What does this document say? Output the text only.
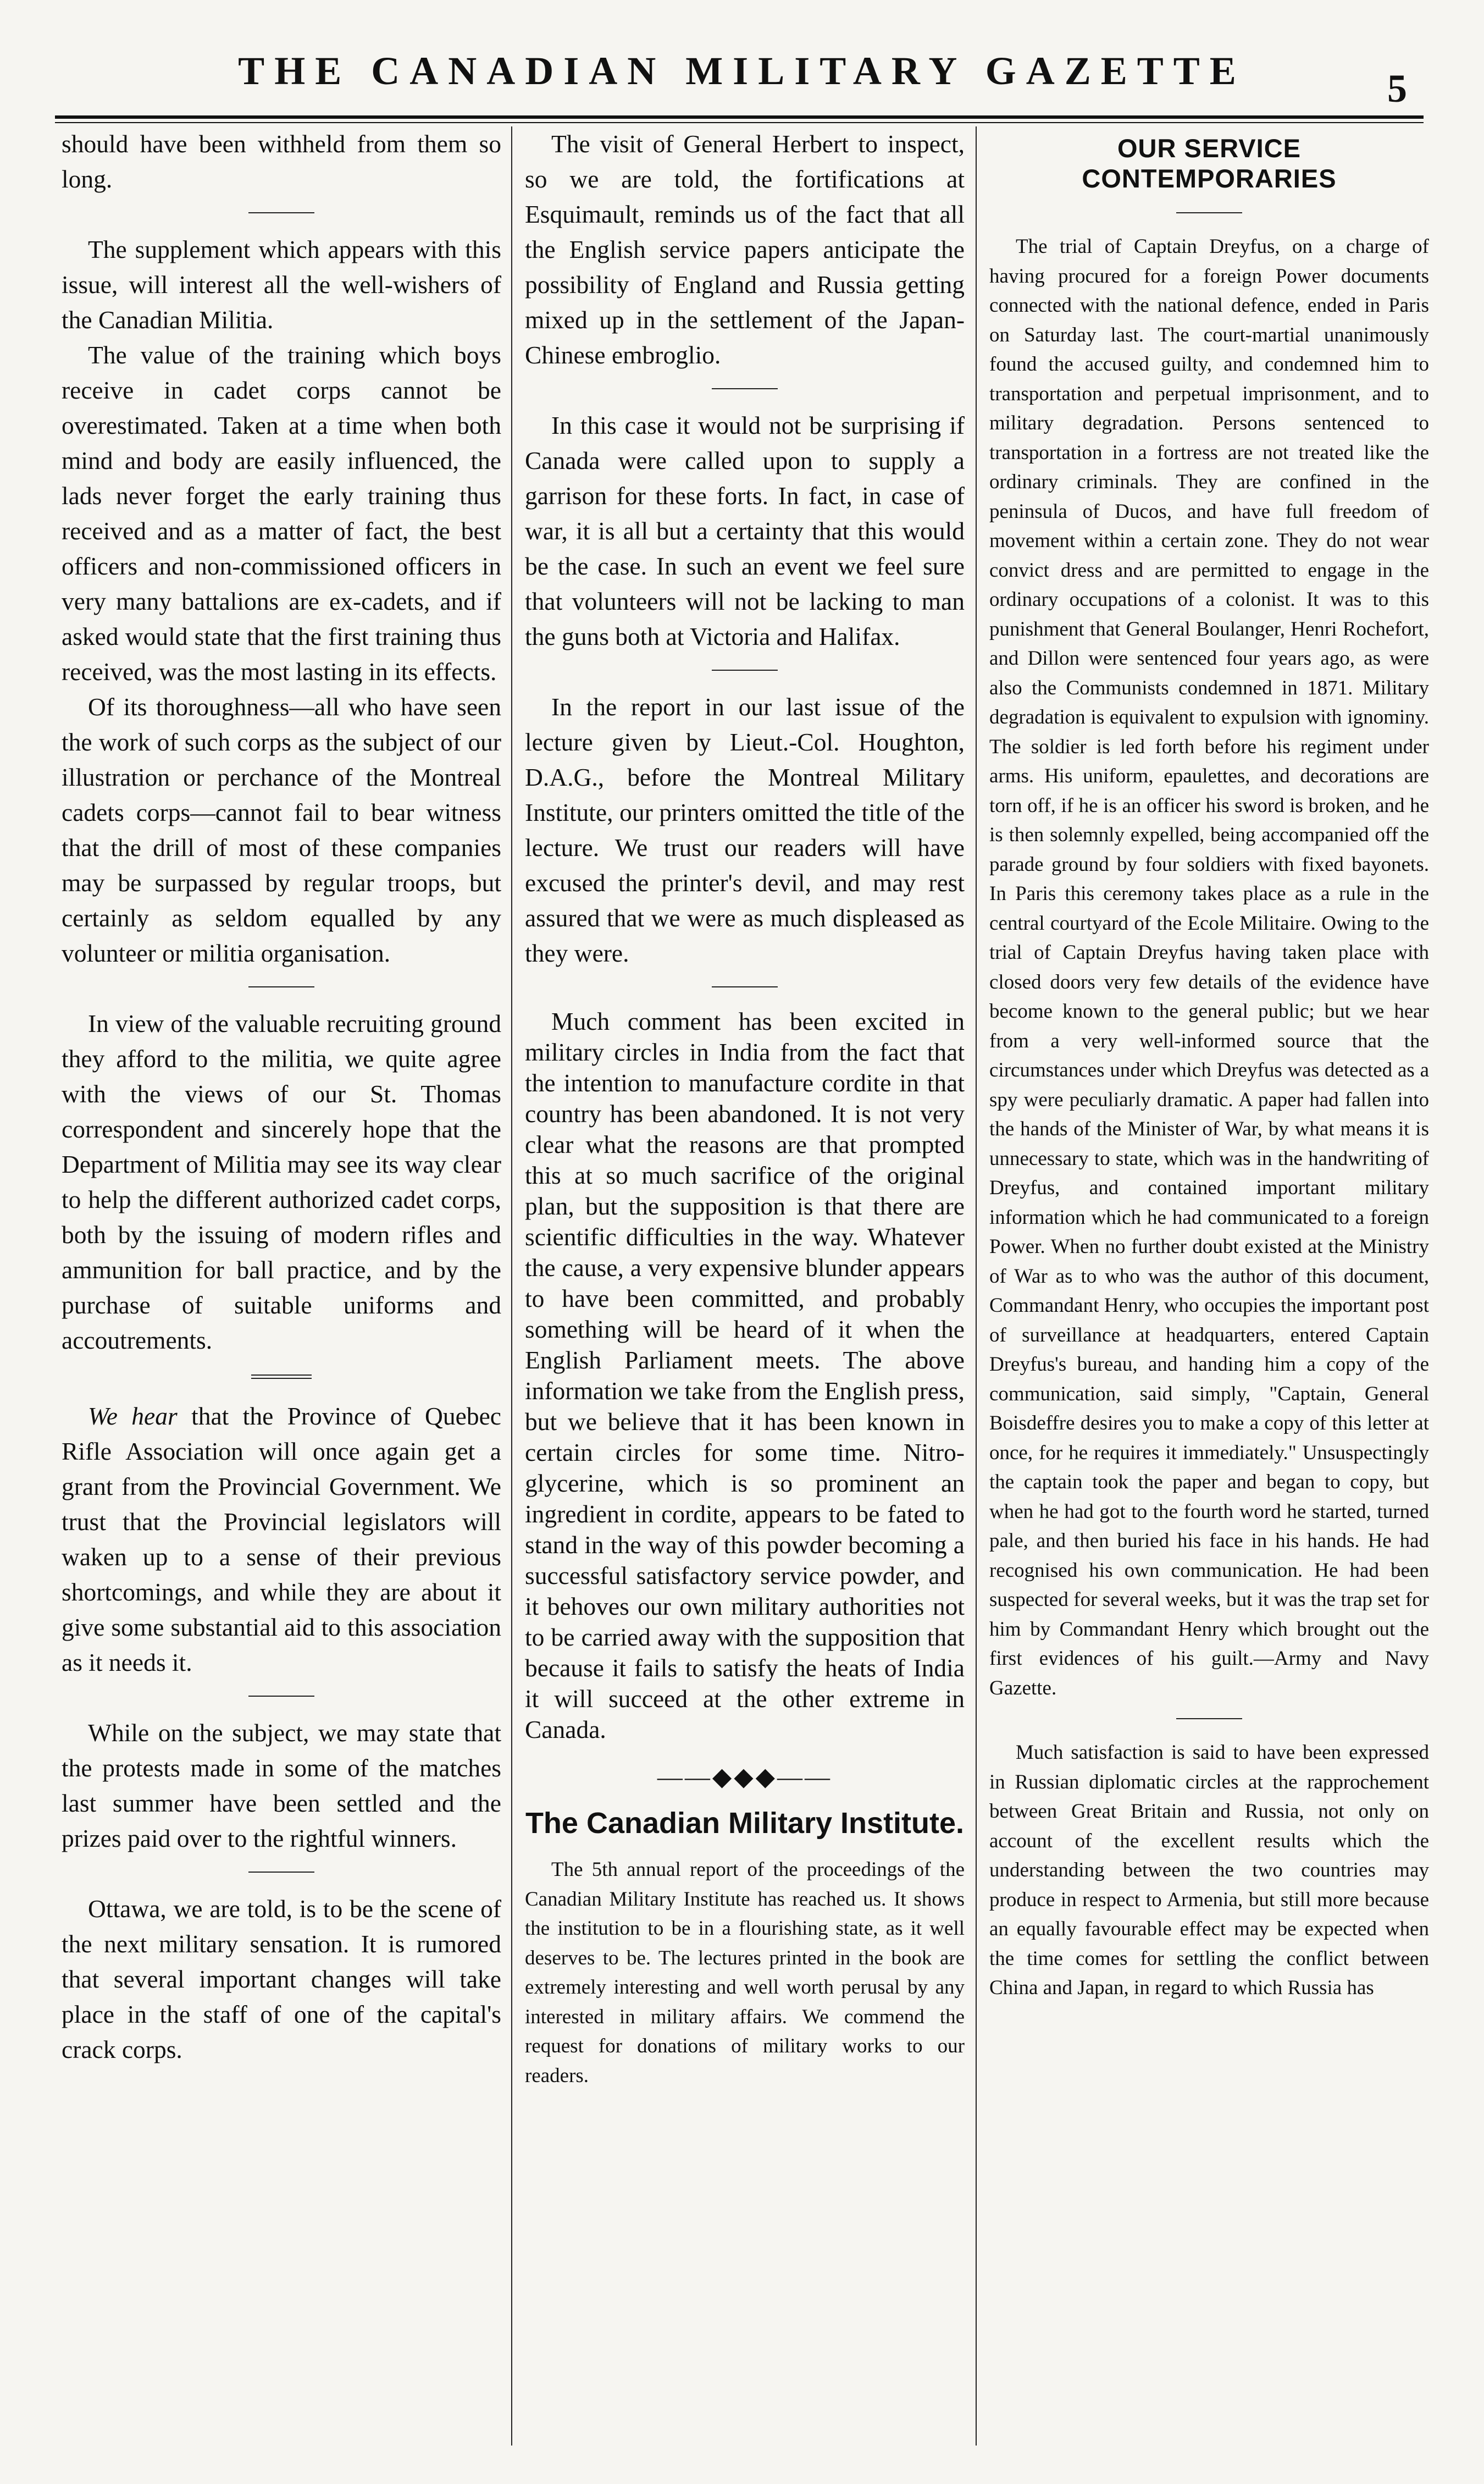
THE CANADIAN MILITARY GAZETTE	5

should have been withheld from them so long.

The supplement which appears with this issue, will interest all the well-wishers of the Canadian Militia.

The value of the training which boys receive in cadet corps cannot be overestimated. Taken at a time when both mind and body are easily influenced, the lads never forget the early training thus received and as a matter of fact, the best officers and non-commissioned officers in very many battalions are ex-cadets, and if asked would state that the first training thus received, was the most lasting in its effects.

Of its thoroughness—all who have seen the work of such corps as the subject of our illustration or perchance of the Montreal cadets corps—cannot fail to bear witness that the drill of most of these companies may be surpassed by regular troops, but certainly as seldom equalled by any volunteer or militia organisation.

In view of the valuable recruiting ground they afford to the militia, we quite agree with the views of our St. Thomas correspondent and sincerely hope that the Department of Militia may see its way clear to help the different authorized cadet corps, both by the issuing of modern rifles and ammunition for ball practice, and by the purchase of suitable uniforms and accoutrements.

We hear that the Province of Quebec Rifle Association will once again get a grant from the Provincial Government. We trust that the Provincial legislators will waken up to a sense of their previous shortcomings, and while they are about it give some substantial aid to this association as it needs it.

While on the subject, we may state that the protests made in some of the matches last summer have been settled and the prizes paid over to the rightful winners.

Ottawa, we are told, is to be the scene of the next military sensation. It is rumored that several important changes will take place in the staff of one of the capital's crack corps.

The visit of General Herbert to inspect, so we are told, the fortifications at Esquimault, reminds us of the fact that all the English service papers anticipate the possibility of England and Russia getting mixed up in the settlement of the Japan-Chinese embroglio.

In this case it would not be surprising if Canada were called upon to supply a garrison for these forts. In fact, in case of war, it is all but a certainty that this would be the case. In such an event we feel sure that volunteers will not be lacking to man the guns both at Victoria and Halifax.

In the report in our last issue of the lecture given by Lieut.-Col. Houghton, D.A.G., before the Montreal Military Institute, our printers omitted the title of the lecture. We trust our readers will have excused the printer's devil, and may rest assured that we were as much displeased as they were.

Much comment has been excited in military circles in India from the fact that the intention to manufacture cordite in that country has been abandoned. It is not very clear what the reasons are that prompted this at so much sacrifice of the original plan, but the supposition is that there are scientific difficulties in the way. Whatever the cause, a very expensive blunder appears to have been committed, and probably something will be heard of it when the English Parliament meets. The above information we take from the English press, but we believe that it has been known in certain circles for some time. Nitro-glycerine, which is so prominent an ingredient in cordite, appears to be fated to stand in the way of this powder becoming a successful satisfactory service powder, and it behoves our own military authorities not to be carried away with the supposition that because it fails to satisfy the heats of India it will succeed at the other extreme in Canada.

——◆◆◆——
The Canadian Military Institute.

The 5th annual report of the proceedings of the Canadian Military Institute has reached us. It shows the institution to be in a flourishing state, as it well deserves to be. The lectures printed in the book are extremely interesting and well worth perusal by any interested in military affairs. We commend the request for donations of military works to our readers.

OUR SERVICE CONTEMPORARIES

The trial of Captain Dreyfus, on a charge of having procured for a foreign Power documents connected with the national defence, ended in Paris on Saturday last. The court-martial unanimously found the accused guilty, and condemned him to transportation and perpetual imprisonment, and to military degradation. Persons sentenced to transportation in a fortress are not treated like the ordinary criminals. They are confined in the peninsula of Ducos, and have full freedom of movement within a certain zone. They do not wear convict dress and are permitted to engage in the ordinary occupations of a colonist. It was to this punishment that General Boulanger, Henri Rochefort, and Dillon were sentenced four years ago, as were also the Communists condemned in 1871. Military degradation is equivalent to expulsion with ignominy. The soldier is led forth before his regiment under arms. His uniform, epaulettes, and decorations are torn off, if he is an officer his sword is broken, and he is then solemnly expelled, being accompanied off the parade ground by four soldiers with fixed bayonets. In Paris this ceremony takes place as a rule in the central courtyard of the Ecole Militaire. Owing to the trial of Captain Dreyfus having taken place with closed doors very few details of the evidence have become known to the general public; but we hear from a very well-informed source that the circumstances under which Dreyfus was detected as a spy were peculiarly dramatic. A paper had fallen into the hands of the Minister of War, by what means it is unnecessary to state, which was in the handwriting of Dreyfus, and contained important military information which he had communicated to a foreign Power. When no further doubt existed at the Ministry of War as to who was the author of this document, Commandant Henry, who occupies the important post of surveillance at headquarters, entered Captain Dreyfus's bureau, and handing him a copy of the communication, said simply, "Captain, General Boisdeffre desires you to make a copy of this letter at once, for he requires it immediately." Unsuspectingly the captain took the paper and began to copy, but when he had got to the fourth word he started, turned pale, and then buried his face in his hands. He had recognised his own communication. He had been suspected for several weeks, but it was the trap set for him by Commandant Henry which brought out the first evidences of his guilt.—Army and Navy Gazette.

Much satisfaction is said to have been expressed in Russian diplomatic circles at the rapprochement between Great Britain and Russia, not only on account of the excellent results which the understanding between the two countries may produce in respect to Armenia, but still more because an equally favourable effect may be expected when the time comes for settling the conflict between China and Japan, in regard to which Russia has
